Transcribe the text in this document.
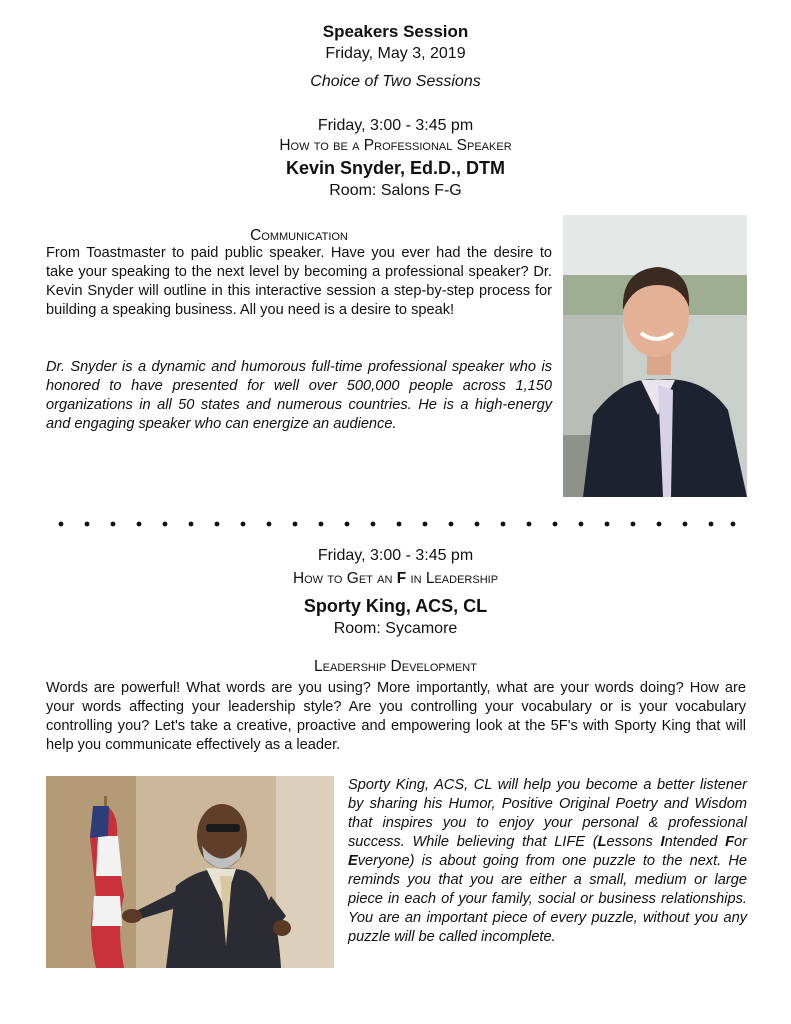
Speakers Session
Friday, May 3, 2019
Choice of Two Sessions
Friday, 3:00 - 3:45 pm
How to be a Professional Speaker
Kevin Snyder, Ed.D., DTM
Room: Salons F-G
Communication

From Toastmaster to paid public speaker. Have you ever had the desire to take your speaking to the next level by becoming a professional speaker? Dr. Kevin Snyder will outline in this interactive session a step-by-step process for building a speaking business. All you need is a desire to speak!

Dr. Snyder is a dynamic and humorous full-time professional speaker who is honored to have presented for well over 500,000 people across 1,150 organizations in all 50 states and numerous countries. He is a high-energy and engaging speaker who can energize an audience.

Friday, 3:00 - 3:45 pm
How to Get an F in Leadership
Sporty King, ACS, CL
Room: Sycamore
Leadership Development

Words are powerful! What words are you using? More importantly, what are your words doing? How are your words affecting your leadership style? Are you controlling your vocabulary or is your vocabulary controlling you? Let's take a creative, proactive and empowering look at the 5F's with Sporty King that will help you communicate effectively as a leader.

Sporty King, ACS, CL will help you become a better listener by sharing his Humor, Positive Original Poetry and Wisdom that inspires you to enjoy your personal & professional success. While believing that LIFE (Lessons Intended For Everyone) is about going from one puzzle to the next. He reminds you that you are either a small, medium or large piece in each of your family, social or business relationships. You are an important piece of every puzzle, without you any puzzle will be called incomplete.
